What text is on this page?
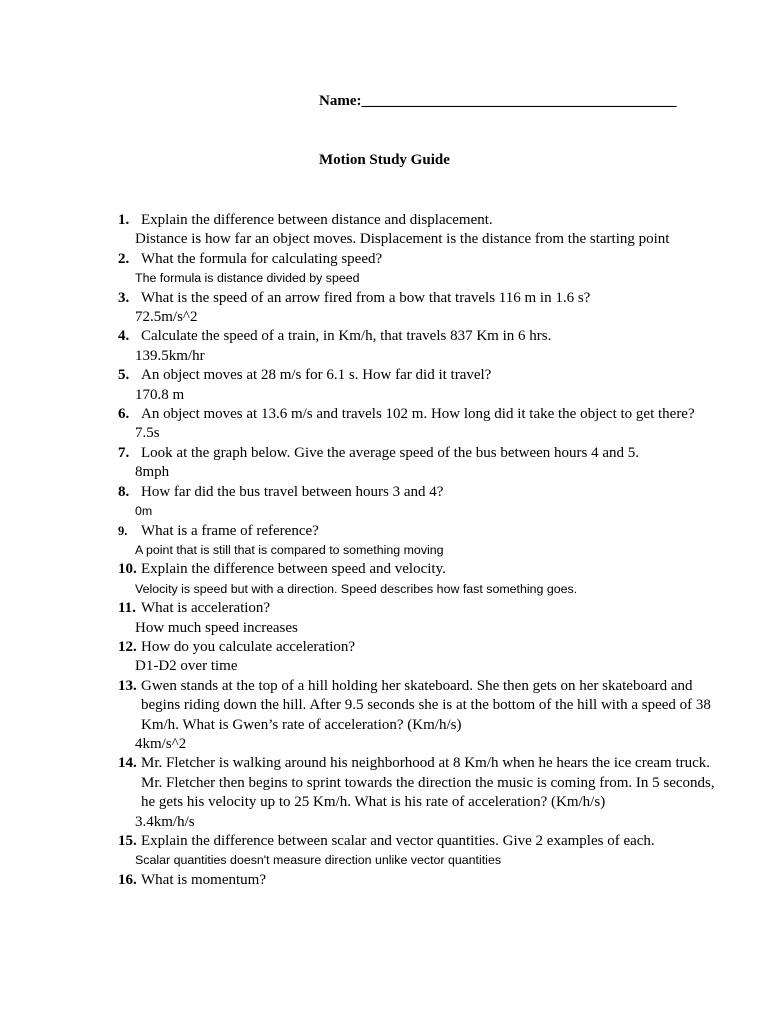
Name:__________________________________________
Motion Study Guide
1. Explain the difference between distance and displacement.
Distance is how far an object moves. Displacement is the distance from the starting point
2. What the formula for calculating speed?
The formula is distance divided by speed
3. What is the speed of an arrow fired from a bow that travels 116 m in 1.6 s?
72.5m/s^2
4. Calculate the speed of a train, in Km/h, that travels 837 Km in 6 hrs.
139.5km/hr
5. An object moves at 28 m/s for 6.1 s. How far did it travel?
170.8 m
6. An object moves at 13.6 m/s and travels 102 m. How long did it take the object to get there?
7.5s
7. Look at the graph below. Give the average speed of the bus between hours 4 and 5.
8mph
8. How far did the bus travel between hours 3 and 4?
0m
9. What is a frame of reference?
A point that is still that is compared to something moving
10. Explain the difference between speed and velocity.
Velocity is speed but with a direction. Speed describes how fast something goes.
11. What is acceleration?
How much speed increases
12. How do you calculate acceleration?
D1-D2 over time
13. Gwen stands at the top of a hill holding her skateboard. She then gets on her skateboard and begins riding down the hill. After 9.5 seconds she is at the bottom of the hill with a speed of 38 Km/h. What is Gwen’s rate of acceleration? (Km/h/s)
4km/s^2
14. Mr. Fletcher is walking around his neighborhood at 8 Km/h when he hears the ice cream truck. Mr. Fletcher then begins to sprint towards the direction the music is coming from. In 5 seconds, he gets his velocity up to 25 Km/h. What is his rate of acceleration? (Km/h/s)
3.4km/h/s
15. Explain the difference between scalar and vector quantities. Give 2 examples of each.
Scalar quantities doesn't measure direction unlike vector quantities
16. What is momentum?
